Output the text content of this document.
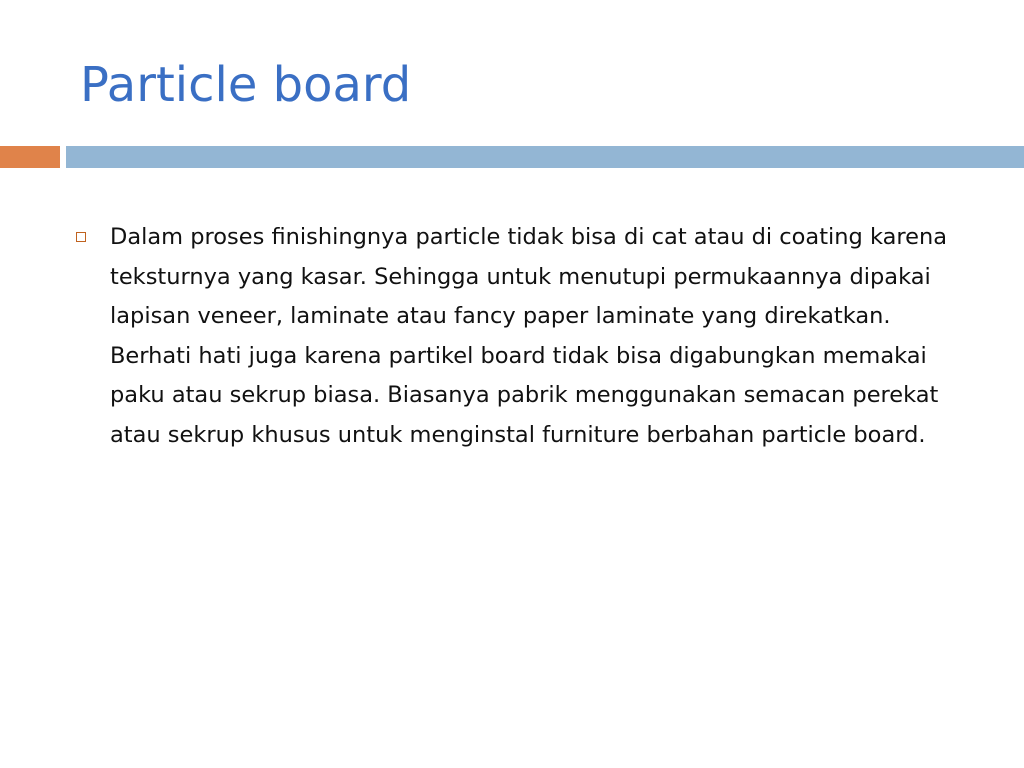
Particle board
Dalam proses finishingnya particle tidak bisa di cat atau di coating karena teksturnya yang kasar. Sehingga untuk menutupi permukaannya dipakai lapisan veneer, laminate atau fancy paper laminate yang direkatkan. Berhati hati juga karena partikel board tidak bisa digabungkan memakai paku atau sekrup biasa. Biasanya pabrik menggunakan semacan perekat atau sekrup khusus untuk menginstal furniture berbahan particle board.
